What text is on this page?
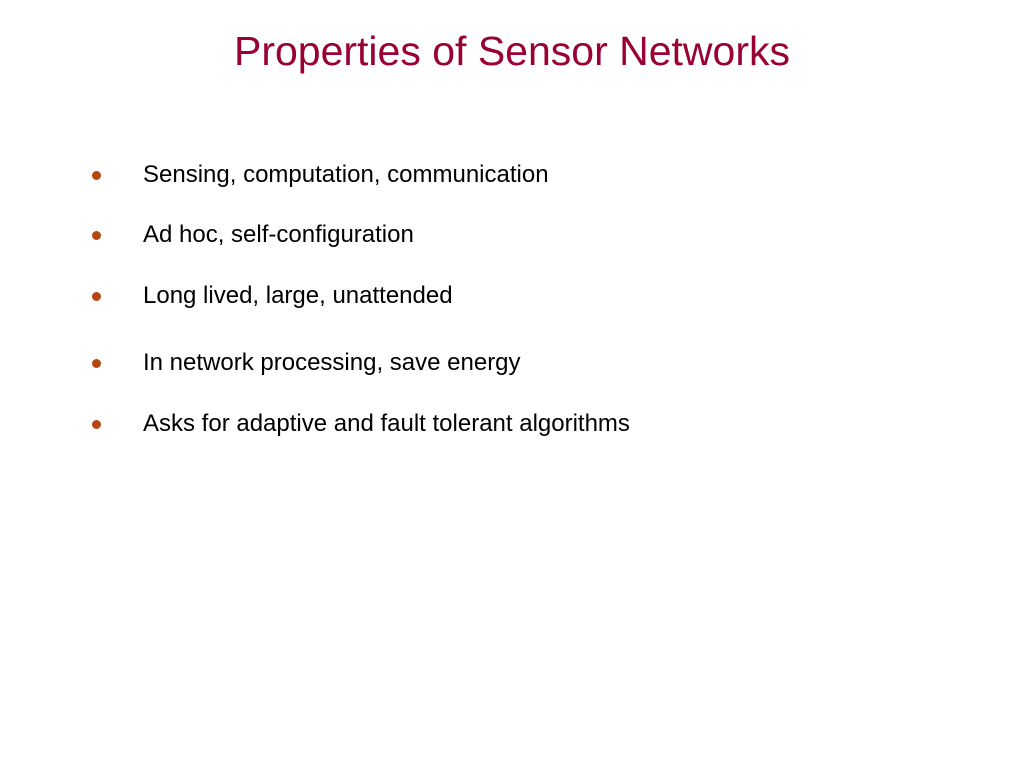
Properties of Sensor Networks
Sensing, computation, communication
Ad hoc, self-configuration
Long lived, large, unattended
In network processing, save energy
Asks for adaptive and fault tolerant algorithms
